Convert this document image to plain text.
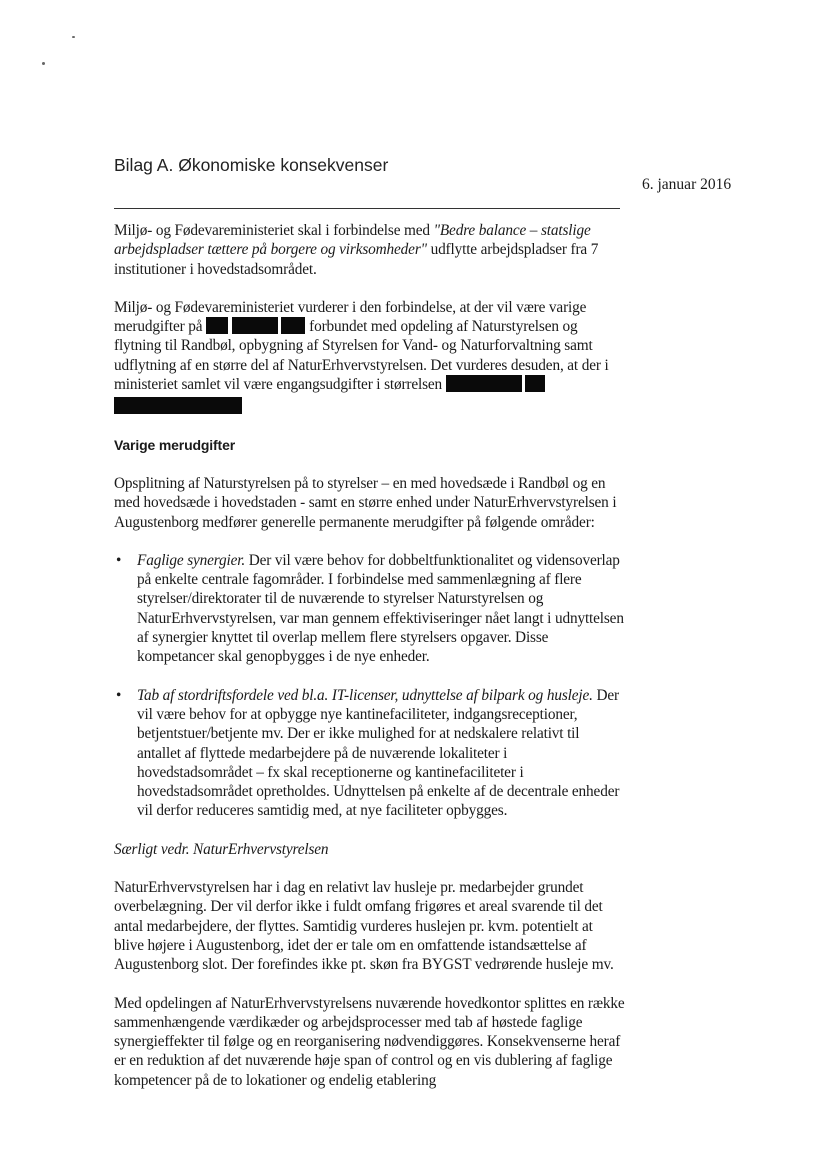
Bilag A. Økonomiske konsekvenser
6. januar 2016

Miljø- og Fødevareministeriet skal i forbindelse med "Bedre balance – statslige arbejdspladser tættere på borgere og virksomheder" udflytte arbejdspladser fra 7 institutioner i hovedstadsområdet.

Miljø- og Fødevareministeriet vurderer i den forbindelse, at der vil være varige merudgifter på	forbundet med opdeling af Naturstyrelsen og flytning til Randbøl, opbygning af Styrelsen for Vand- og Naturforvaltning samt udflytning af en større del af NaturErhvervstyrelsen. Det vurderes desuden, at der i ministeriet samlet vil være engangsudgifter i størrelsen

Varige merudgifter

Opsplitning af Naturstyrelsen på to styrelser – en med hovedsæde i Randbøl og en med hovedsæde i hovedstaden - samt en større enhed under NaturErhvervstyrelsen i Augustenborg medfører generelle permanente merudgifter på følgende områder:

• Faglige synergier. Der vil være behov for dobbeltfunktionalitet og vidensoverlap på enkelte centrale fagområder. I forbindelse med sammenlægning af flere styrelser/direktorater til de nuværende to styrelser Naturstyrelsen og NaturErhvervstyrelsen, var man gennem effektiviseringer nået langt i udnyttelsen af synergier knyttet til overlap mellem flere styrelsers opgaver. Disse kompetancer skal genopbygges i de nye enheder.
• Tab af stordriftsfordele ved bl.a. IT-licenser, udnyttelse af bilpark og husleje. Der vil være behov for at opbygge nye kantinefaciliteter, indgangsreceptioner, betjentstuer/betjente mv. Der er ikke mulighed for at nedskalere relativt til antallet af flyttede medarbejdere på de nuværende lokaliteter i hovedstadsområdet – fx skal receptionerne og kantinefaciliteter i hovedstadsområdet opretholdes. Udnyttelsen på enkelte af de decentrale enheder vil derfor reduceres samtidig med, at nye faciliteter opbygges.

Særligt vedr. NaturErhvervstyrelsen

NaturErhvervstyrelsen har i dag en relativt lav husleje pr. medarbejder grundet overbelægning. Der vil derfor ikke i fuldt omfang frigøres et areal svarende til det antal medarbejdere, der flyttes. Samtidig vurderes huslejen pr. kvm. potentielt at blive højere i Augustenborg, idet der er tale om en omfattende istandsættelse af Augustenborg slot. Der forefindes ikke pt. skøn fra BYGST vedrørende husleje mv.

Med opdelingen af NaturErhvervstyrelsens nuværende hovedkontor splittes en række sammenhængende værdikæder og arbejdsprocesser med tab af høstede faglige synergieffekter til følge og en reorganisering nødvendiggøres. Konsekvenserne heraf er en reduktion af det nuværende høje span of control og en vis dublering af faglige kompetencer på de to lokationer og endelig etablering
